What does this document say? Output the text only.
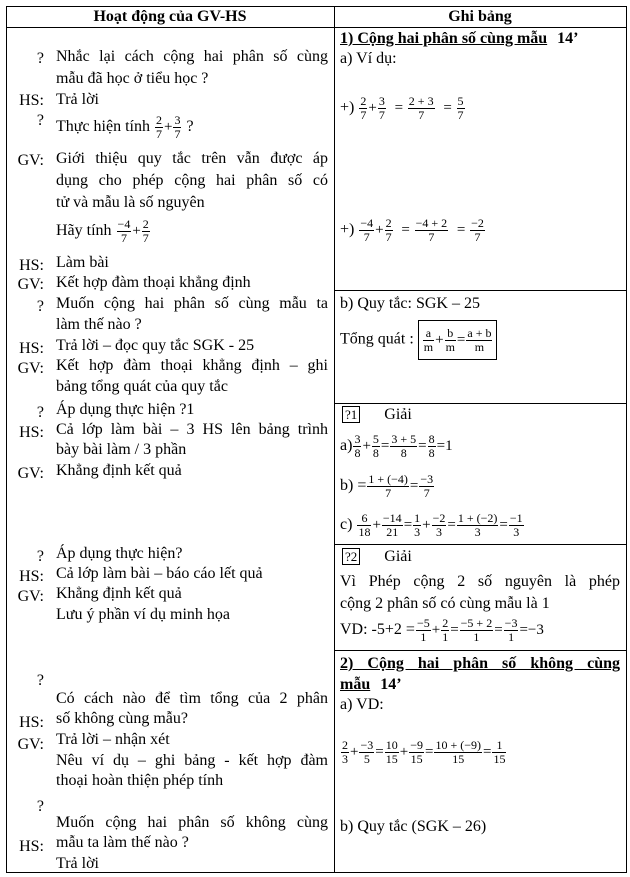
Hoạt động của GV-HS	Ghi bảng
? Nhắc lại cách cộng hai phân số cùng
mẫu đã học ở tiểu học ?
HS: Trả lời
? Thực hiện tính $\frac{2}{7} + \frac{3}{7}$ ?
GV: Giới thiệu quy tắc trên vẫn được áp
dụng cho phép cộng hai phân số có
tử và mẫu là số nguyên
Hãy tính $\frac{-4}{7} + \frac{2}{7}$
HS: Làm bài
GV: Kết hợp đàm thoại khẳng định
? Muốn cộng hai phân số cùng mẫu ta
làm thế nào ?
HS: Trả lời – đọc quy tắc SGK - 25
GV: Kết hợp đàm thoại khẳng định – ghi
bảng tổng quát của quy tắc
? Áp dụng thực hiện ?1
HS: Cả lớp làm bài – 3 HS lên bảng trình
bày bài làm / 3 phần
GV: Khẳng định kết quả
? Áp dụng thực hiện?
HS: Cả lớp làm bài – báo cáo lết quả
GV: Khẳng định kết quả
Lưu ý phần ví dụ minh họa
?
Có cách nào để tìm tổng của 2 phân
số không cùng mẫu?
HS:
Trả lời – nhận xét
GV:
Nêu ví dụ – ghi bảng - kết hợp đàm
thoại hoàn thiện phép tính
?
Muốn cộng hai phân số không cùng
mẫu ta làm thế nào ?
HS:
Trả lời
1) Cộng hai phân số cùng mẫu 14’
a) Ví dụ:
+) $\frac{2}{7} + \frac{3}{7} = \frac{2 + 3}{7} = \frac{5}{7}$
+) $\frac{-4}{7} + \frac{2}{7} = \frac{-4 + 2}{7} = \frac{-2}{7}$
b) Quy tắc: SGK – 25
Tổng quát : $\frac{a}{m} + \frac{b}{m} = \frac{a + b}{m}$
?1 Giải
$a) \frac{3}{8} + \frac{5}{8} = \frac{3 + 5}{8} = \frac{8}{8} =1$
$b) = \frac{1 + (-4)}{7} = \frac{-3}{7}$
$c) \frac{6}{18} + \frac{-14}{21} = \frac{1}{3} + \frac{-2}{3} = \frac{1 + (-2)}{3} = \frac{-1}{3}$
?2 Giải
Vì Phép cộng 2 số nguyên là phép
cộng 2 phân số có cùng mẫu là 1
VD: $-5+2 = \frac{-5}{1} + \frac{2}{1} = \frac{-5 + 2}{1} = \frac{-3}{1} =-3$
2) Cộng hai phân số không cùng
mẫu 14’
a) VD:
$\frac{2}{3} + \frac{-3}{5} = \frac{10}{15} + \frac{-9}{15} = \frac{10 + (-9)}{15} = \frac{1}{15}$
b) Quy tắc (SGK – 26)
